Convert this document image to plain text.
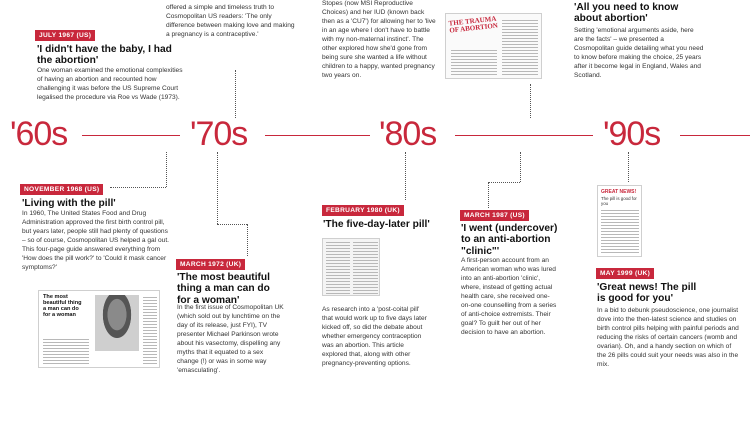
'60s	'70s	'80s	'90s
JULY 1967 (US)
'I didn't have the baby, I had the abortion'
One woman examined the emotional complexities of having an abortion and recounted how challenging it was before the US Supreme Court legalised the procedure via Roe vs Wade (1973).
NOVEMBER 1968 (US)
'Living with the pill'
In 1960, The United States Food and Drug Administration approved the first birth control pill, but years later, people still had plenty of questions – so of course, Cosmopolitan US helped a gal out. This four-page guide answered everything from 'How does the pill work?' to 'Could it mask cancer symptoms?'
The most beautiful thing a man can do for a woman
offered a simple and timeless truth to Cosmopolitan US readers: 'The only difference between making love and making a pregnancy is a contraceptive.'
MARCH 1972 (UK)
'The most beautiful thing a man can do for a woman'
In the first issue of Cosmopolitan UK (which sold out by lunchtime on the day of its release, just FYI), TV presenter Michael Parkinson wrote about his vasectomy, dispelling any myths that it equated to a sex change (!) or was in some way 'emasculating'.
Stopes (now MSI Reproductive Choices) and her IUD (known back then as a 'CU7') for allowing her to 'live in an age where I don't have to battle with my non-maternal instinct'. The other explored how she'd gone from being sure she wanted a life without children to a happy, wanted pregnancy two years on.
THE TRAUMA OF ABORTION
FEBRUARY 1980 (UK)
'The five-day-later pill'
As research into a 'post-coital pill' that would work up to five days later kicked off, so did the debate about whether emergency contraception was an abortion. This article explored that, along with other pregnancy-preventing options.
MARCH 1987 (US)
'I went (undercover) to an anti-abortion "clinic"'
A first-person account from an American woman who was lured into an anti-abortion 'clinic', where, instead of getting actual health care, she received one-on-one counselling from a series of anti-choice extremists. Their goal? To guilt her out of her decision to have an abortion.
'All you need to know about abortion'
Setting 'emotional arguments aside, here are the facts' – we presented a Cosmopolitan guide detailing what you need to know before making the choice, 25 years after it become legal in England, Wales and Scotland.
GREAT NEWS!
The pill is good for you
MAY 1999 (UK)
'Great news! The pill is good for you'
In a bid to debunk pseudoscience, one journalist dove into the then-latest science and studies on birth control pills helping with painful periods and reducing the risks of certain cancers (womb and ovarian). Oh, and a handy section on which of the 26 pills could suit your needs was also in the mix.
